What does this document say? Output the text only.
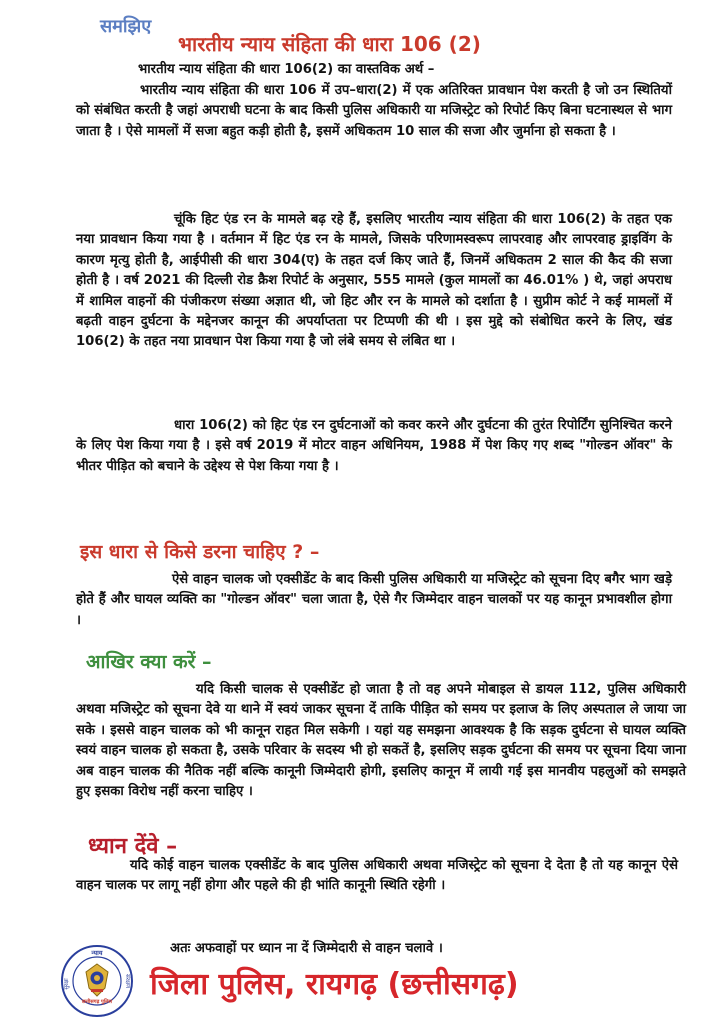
समझिए
भारतीय न्याय संहिता की धारा 106 (2)
भारतीय न्याय संहिता की धारा 106(2) का वास्तविक अर्थ –
भारतीय न्याय संहिता की धारा 106 में उप–धारा(2) में एक अतिरिक्त प्रावधान पेश करती है जो उन स्थितियों को संबंधित करती है जहां अपराधी घटना के बाद किसी पुलिस अधिकारी या मजिस्ट्रेट को रिपोर्ट किए बिना घटनास्थल से भाग जाता है । ऐसे मामलों में सजा बहुत कड़ी होती है, इसमें अधिकतम 10 साल की सजा और जुर्माना हो सकता है ।
चूंकि हिट एंड रन के मामले बढ़ रहे हैं, इसलिए भारतीय न्याय संहिता की धारा 106(2) के तहत एक नया प्रावधान किया गया है । वर्तमान में हिट एंड रन के मामले, जिसके परिणामस्वरूप लापरवाह और लापरवाह ड्राइविंग के कारण मृत्यु होती है, आईपीसी की धारा 304(ए) के तहत दर्ज किए जाते हैं, जिनमें अधिकतम 2 साल की कैद की सजा होती है । वर्ष 2021 की दिल्ली रोड क्रैश रिपोर्ट के अनुसार, 555 मामले (कुल मामलों का 46.01% ) थे, जहां अपराध में शामिल वाहनों की पंजीकरण संख्या अज्ञात थी, जो हिट और रन के मामले को दर्शाता है । सुप्रीम कोर्ट ने कई मामलों में बढ़ती वाहन दुर्घटना के मद्देनजर कानून की अपर्याप्तता पर टिप्पणी की थी । इस मुद्दे को संबोधित करने के लिए, खंड 106(2) के तहत नया प्रावधान पेश किया गया है जो लंबे समय से लंबित था ।
धारा 106(2) को हिट एंड रन दुर्घटनाओं को कवर करने और दुर्घटना की तुरंत रिपोर्टिंग सुनिश्चित करने के लिए पेश किया गया है । इसे वर्ष 2019 में मोटर वाहन अधिनियम, 1988 में पेश किए गए शब्द "गोल्डन ऑवर" के भीतर पीड़ित को बचाने के उद्देश्य से पेश किया गया है ।
इस धारा से किसे डरना चाहिए ? –
ऐसे वाहन चालक जो एक्सीडेंट के बाद किसी पुलिस अधिकारी या मजिस्ट्रेट को सूचना दिए बगैर भाग खड़े होते हैं और घायल व्यक्ति का "गोल्डन ऑवर" चला जाता है, ऐसे गैर जिम्मेदार वाहन चालकों पर यह कानून प्रभावशील होगा ।
आखिर क्या करें –
यदि किसी चालक से एक्सीडेंट हो जाता है तो वह अपने मोबाइल से डायल 112, पुलिस अधिकारी अथवा मजिस्ट्रेट को सूचना देवे या थाने में स्वयं जाकर सूचना दें ताकि पीड़ित को समय पर इलाज के लिए अस्पताल ले जाया जा सके । इससे वाहन चालक को भी कानून राहत मिल सकेगी । यहां यह समझना आवश्यक है कि सड़क दुर्घटना से घायल व्यक्ति स्वयं वाहन चालक हो सकता है, उसके परिवार के सदस्य भी हो सकतें है, इसलिए सड़क दुर्घटना की समय पर सूचना दिया जाना अब वाहन चालक की नैतिक नहीं बल्कि कानूनी जिम्मेदारी होगी, इसलिए कानून में लायी गई इस मानवीय पहलुओं को समझते हुए इसका विरोध नहीं करना चाहिए ।
ध्यान देंवे –
यदि कोई वाहन चालक एक्सीडेंट के बाद पुलिस अधिकारी अथवा मजिस्ट्रेट को सूचना दे देता है तो यह कानून ऐसे वाहन चालक पर लागू नहीं होगा और पहले की ही भांति कानूनी स्थिति रहेगी ।
अतः अफवाहों पर ध्यान ना दें जिम्मेदारी से वाहन चलावे ।
न्याय
सुरक्षा	संरक्षण
छत्तीसगढ़ पुलिस जिला पुलिस, रायगढ़ (छत्तीसगढ़)
